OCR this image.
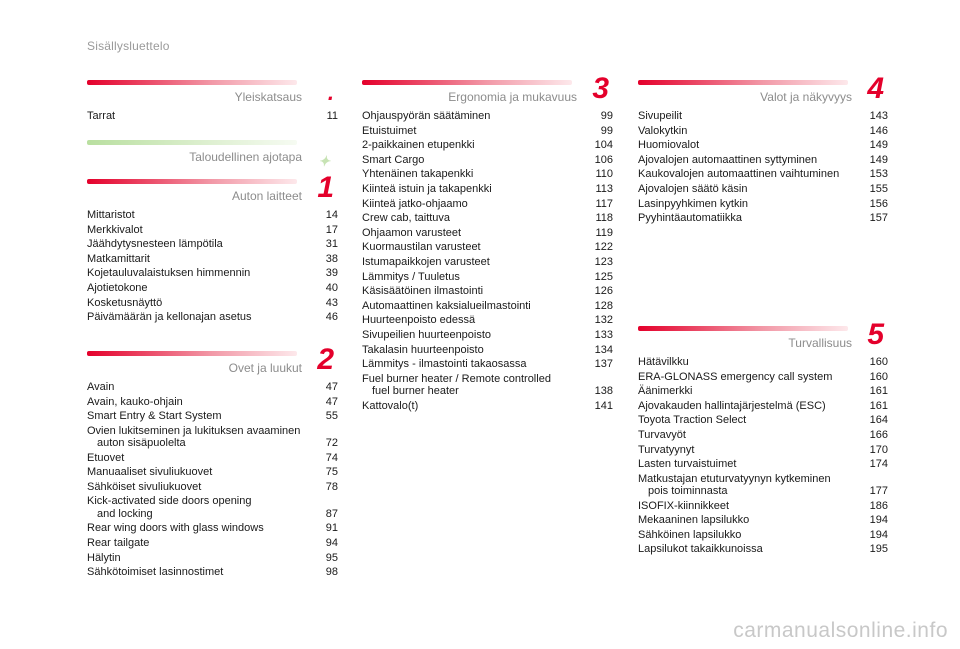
Sisällysluettelo
Yleiskatsaus .
Tarrat	11
Taloudellinen ajotapa ✦
Auton laitteet 1
Mittaristot	14
Merkkivalot	17
Jäähdytysnesteen lämpötila	31
Matkamittarit	38
Kojetauluvalaistuksen himmennin	39
Ajotietokone	40
Kosketusnäyttö	43
Päivämäärän ja kellonajan asetus	46
Ovet ja luukut 2
Avain	47
Avain, kauko-ohjain	47
Smart Entry & Start System	55
Ovien lukitseminen ja lukituksen avaaminen
auton sisäpuolelta	72
Etuovet	74
Manuaaliset sivuliukuovet	75
Sähköiset sivuliukuovet	78
Kick-activated side doors opening
and locking	87
Rear wing doors with glass windows	91
Rear tailgate	94
Hälytin	95
Sähkötoimiset lasinnostimet	98
Ergonomia ja mukavuus 3
Ohjauspyörän säätäminen	99
Etuistuimet	99
2-paikkainen etupenkki	104
Smart Cargo	106
Yhtenäinen takapenkki	110
Kiinteä istuin ja takapenkki	113
Kiinteä jatko-ohjaamo	117
Crew cab, taittuva	118
Ohjaamon varusteet	119
Kuormaustilan varusteet	122
Istumapaikkojen varusteet	123
Lämmitys / Tuuletus	125
Käsisäätöinen ilmastointi	126
Automaattinen kaksialueilmastointi	128
Huurteenpoisto edessä	132
Sivupeilien huurteenpoisto	133
Takalasin huurteenpoisto	134
Lämmitys - ilmastointi takaosassa	137
Fuel burner heater / Remote controlled
fuel burner heater	138
Kattovalo(t)	141
Valot ja näkyvyys 4
Sivupeilit	143
Valokytkin	146
Huomiovalot	149
Ajovalojen automaattinen syttyminen	149
Kaukovalojen automaattinen vaihtuminen	153
Ajovalojen säätö käsin	155
Lasinpyyhkimen kytkin	156
Pyyhintäautomatiikka	157
Turvallisuus 5
Hätävilkku	160
ERA-GLONASS emergency call system	160
Äänimerkki	161
Ajovakauden hallintajärjestelmä (ESC)	161
Toyota Traction Select	164
Turvavyöt	166
Turvatyynyt	170
Lasten turvaistuimet	174
Matkustajan etuturvatyynyn kytkeminen
pois toiminnasta	177
ISOFIX-kiinnikkeet	186
Mekaaninen lapsilukko	194
Sähköinen lapsilukko	194
Lapsilukot takaikkunoissa	195
carmanualsonline.info
